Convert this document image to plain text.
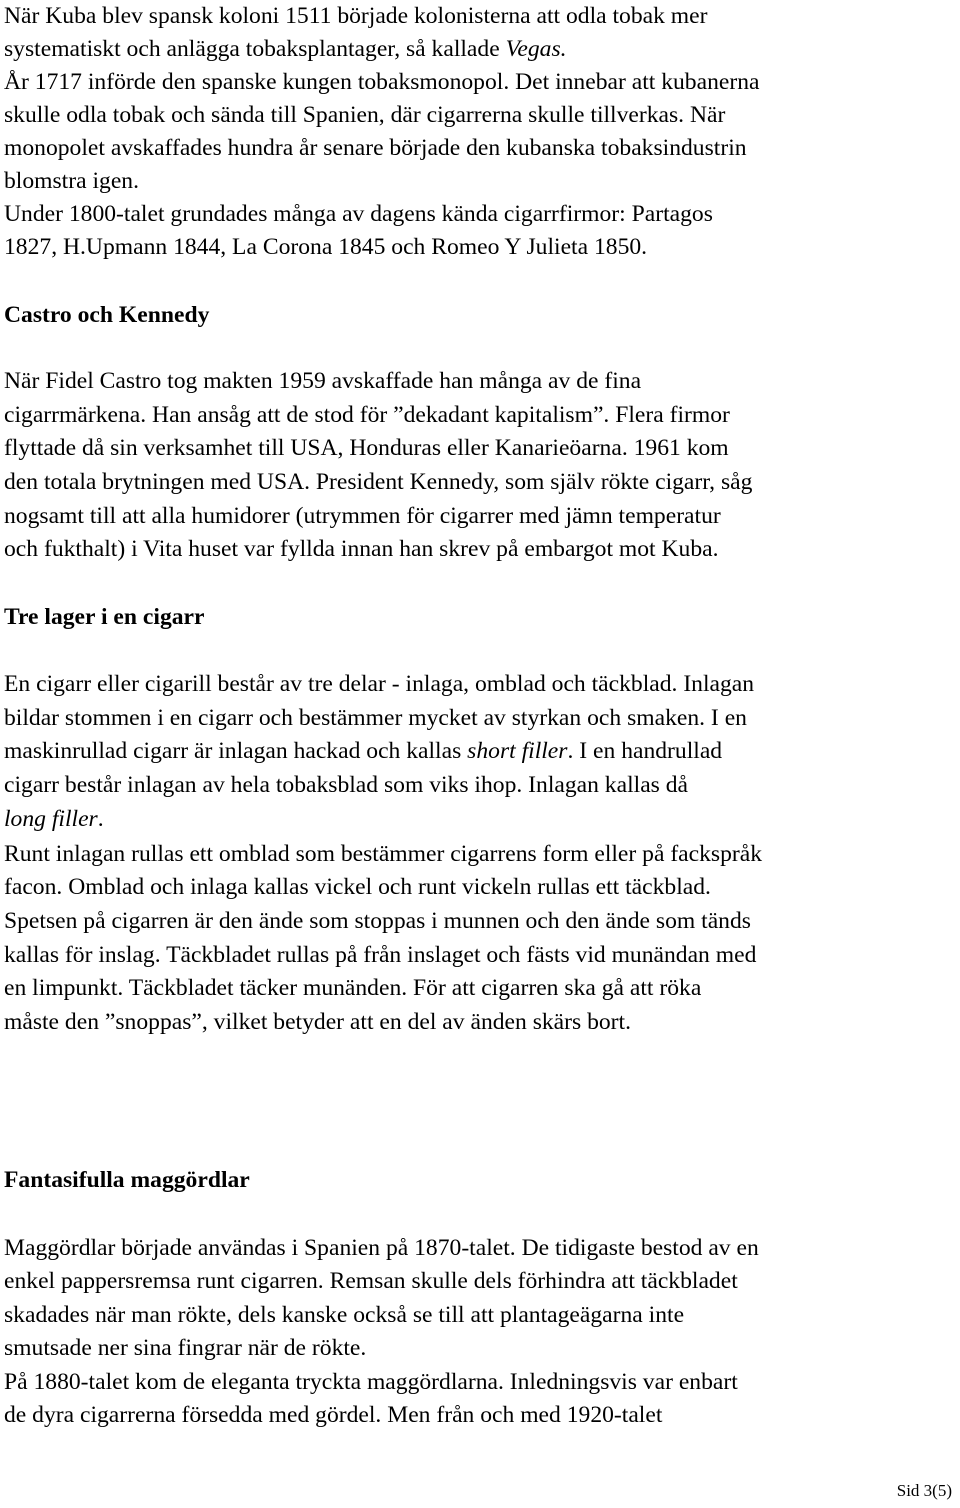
När Kuba blev spansk koloni 1511 började kolonisterna att odla tobak mer
systematiskt och anlägga tobaksplantager, så kallade Vegas.
År 1717 införde den spanske kungen tobaksmonopol. Det innebar att kubanerna
skulle odla tobak och sända till Spanien, där cigarrerna skulle tillverkas. När
monopolet avskaffades hundra år senare började den kubanska tobaksindustrin
blomstra igen.
Under 1800-talet grundades många av dagens kända cigarrfirmor: Partagos
1827, H.Upmann 1844, La Corona 1845 och Romeo Y Julieta 1850.
Castro och Kennedy
När Fidel Castro tog makten 1959 avskaffade han många av de fina
cigarrmärkena. Han ansåg att de stod för ”dekadant kapitalism”. Flera firmor
flyttade då sin verksamhet till USA, Honduras eller Kanarieöarna. 1961 kom
den totala brytningen med USA. President Kennedy, som själv rökte cigarr, såg
nogsamt till att alla humidorer (utrymmen för cigarrer med jämn temperatur
och fukthalt) i Vita huset var fyllda innan han skrev på embargot mot Kuba.
Tre lager i en cigarr
En cigarr eller cigarill består av tre delar - inlaga, omblad och täckblad. Inlagan
bildar stommen i en cigarr och bestämmer mycket av styrkan och smaken. I en
maskinrullad cigarr är inlagan hackad och kallas short filler. I en handrullad
cigarr består inlagan av hela tobaksblad som viks ihop. Inlagan kallas då
long filler.
Runt inlagan rullas ett omblad som bestämmer cigarrens form eller på fackspråk
facon. Omblad och inlaga kallas vickel och runt vickeln rullas ett täckblad.
Spetsen på cigarren är den ände som stoppas i munnen och den ände som tänds
kallas för inslag. Täckbladet rullas på från inslaget och fästs vid munändan med
en limpunkt. Täckbladet täcker munänden. För att cigarren ska gå att röka
måste den ”snoppas”, vilket betyder att en del av änden skärs bort.
Fantasifulla maggördlar
Maggördlar började användas i Spanien på 1870-talet. De tidigaste bestod av en
enkel pappersremsa runt cigarren. Remsan skulle dels förhindra att täckbladet
skadades när man rökte, dels kanske också se till att plantageägarna inte
smutsade ner sina fingrar när de rökte.
På 1880-talet kom de eleganta tryckta maggördlarna. Inledningsvis var enbart
de dyra cigarrerna försedda med gördel. Men från och med 1920-talet
Sid 3(5)
